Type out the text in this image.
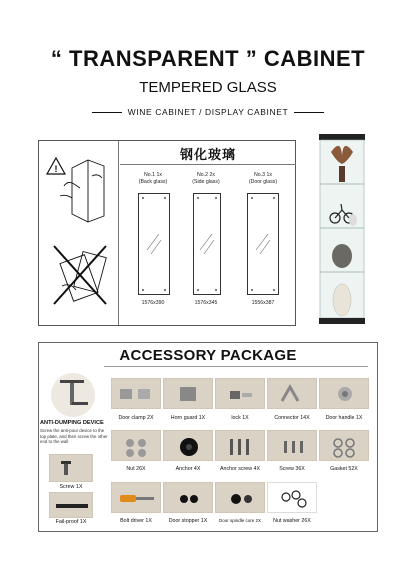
“ TRANSPARENT ” CABINET
TEMPERED GLASS
WINE CABINET / DISPLAY CABINET
!
钢化玻璃
No.1 1x
(Back glass)
1576x390
No.2 2x
(Side glass)
1576x345
No.3 1x
(Door glass)
1556x387
ACCESSORY PACKAGE
ANTI-DUMPING DEVICE
Screw the anti-pour device to the top plate, and then screw the other end to the wall
Screw 1X
Fail-proof 1X
Door clamp 2X	Horn guard 1X	lock 1X	Connector 14X	Door handle 1X
Nut 26X	Anchor 4X	Anchor screw 4X	Screw 36X	Gasket 52X
Bolt driver 1X	Door stopper 1X	Door spindle core 2X	Nut washer 26X
